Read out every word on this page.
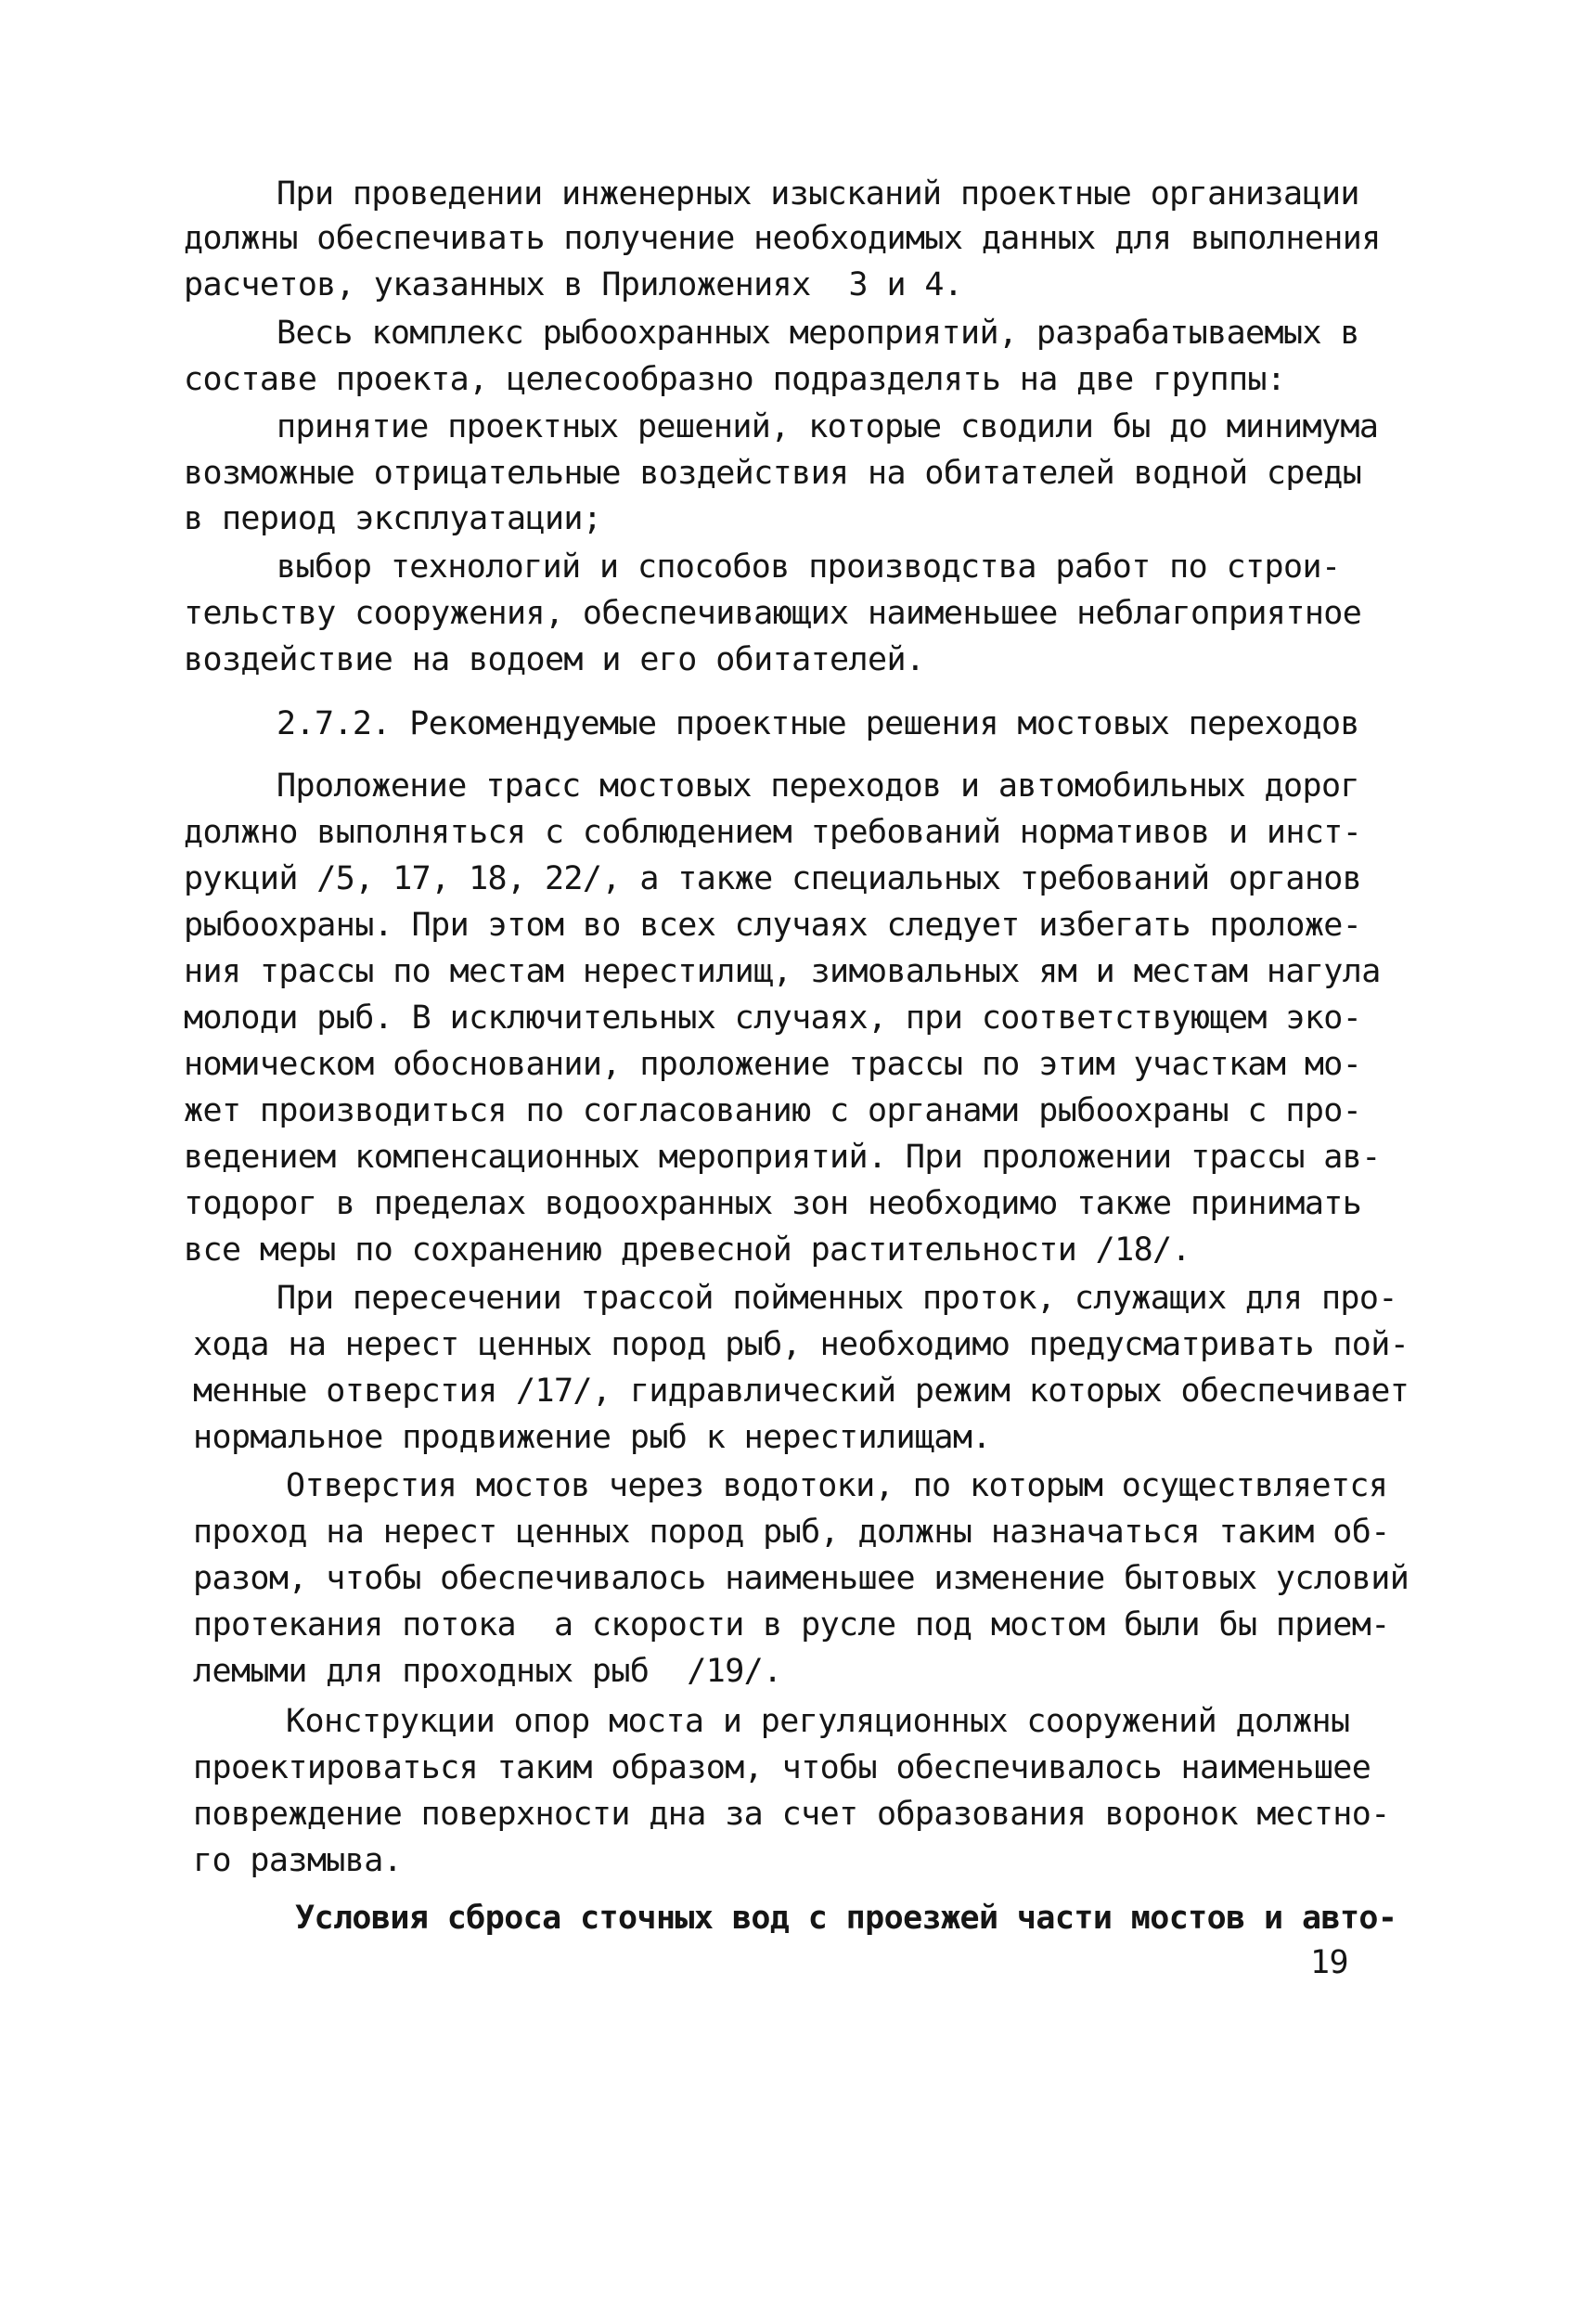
При проведении инженерных изысканий проектные организации
должны обеспечивать получение необходимых данных для выполнения
расчетов, указанных в Приложениях  3 и 4.
Весь комплекс рыбоохранных мероприятий, разрабатываемых в
составе проекта, целесообразно подразделять на две группы:
принятие проектных решений, которые сводили бы до минимума
возможные отрицательные воздействия на обитателей водной среды
в период эксплуатации;
выбор технологий и способов производства работ по строи-
тельству сооружения, обеспечивающих наименьшее неблагоприятное
воздействие на водоем и его обитателей.
2.7.2. Рекомендуемые проектные решения мостовых переходов
Проложение трасс мостовых переходов и автомобильных дорог
должно выполняться с соблюдением требований нормативов и инст-
рукций /5, 17, 18, 22/, а также специальных требований органов
рыбоохраны. При этом во всех случаях следует избегать проложе-
ния трассы по местам нерестилищ, зимовальных ям и местам нагула
молоди рыб. В исключительных случаях, при соответствующем эко-
номическом обосновании, проложение трассы по этим участкам мо-
жет производиться по согласованию с органами рыбоохраны с про-
ведением компенсационных мероприятий. При проложении трассы ав-
тодорог в пределах водоохранных зон необходимо также принимать
все меры по сохранению древесной растительности /18/.
При пересечении трассой пойменных проток, служащих для про-
хода на нерест ценных пород рыб, необходимо предусматривать пой-
менные отверстия /17/, гидравлический режим которых обеспечивает
нормальное продвижение рыб к нерестилищам.
Отверстия мостов через водотоки, по которым осуществляется
проход на нерест ценных пород рыб, должны назначаться таким об-
разом, чтобы обеспечивалось наименьшее изменение бытовых условий
протекания потока  а скорости в русле под мостом были бы прием-
лемыми для проходных рыб  /19/.
Конструкции опор моста и регуляционных сооружений должны
проектироваться таким образом, чтобы обеспечивалось наименьшее
повреждение поверхности дна за счет образования воронок местно-
го размыва.
Условия сброса сточных вод с проезжей части мостов и авто-
19
